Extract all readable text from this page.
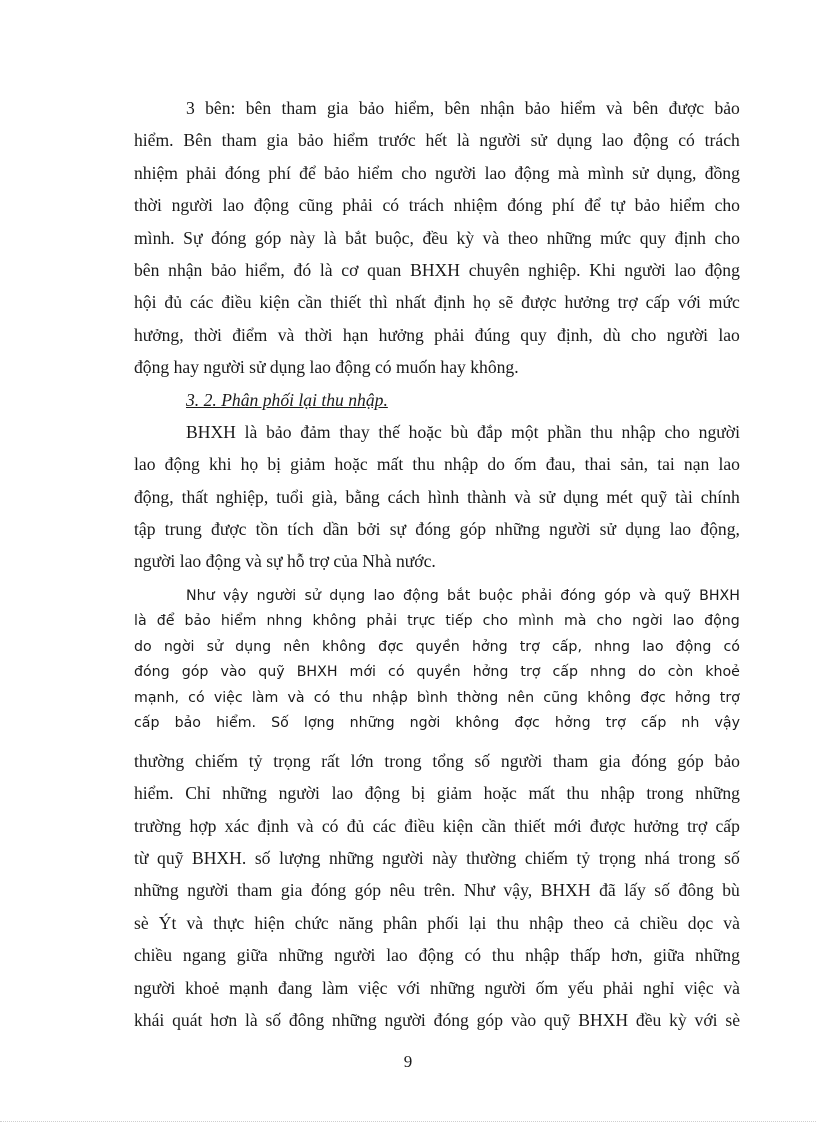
3 bên: bên tham gia bảo hiểm, bên nhận bảo hiểm và bên được bảo
hiểm. Bên tham gia bảo hiểm trước hết là người sử dụng lao động có trách
nhiệm phải đóng phí để bảo hiểm cho người lao động mà mình sử dụng, đồng
thời người lao động cũng phải có trách nhiệm đóng phí để tự bảo hiểm cho
mình. Sự đóng góp này là bắt buộc, đều kỳ và theo những mức quy định cho
bên nhận bảo hiểm, đó là cơ quan BHXH chuyên nghiệp. Khi người lao động
hội đủ các điều kiện cần thiết thì nhất định họ sẽ được hưởng trợ cấp với mức
hưởng, thời điểm và thời hạn hưởng phải đúng quy định, dù cho người lao
động hay người sử dụng lao động có muốn hay không.
3. 2. Phân phối lại thu nhập.
BHXH là bảo đảm thay thế hoặc bù đắp một phần thu nhập cho người
lao động khi họ bị giảm hoặc mất thu nhập do ốm đau, thai sản, tai nạn lao
động, thất nghiệp, tuổi già, bằng cách hình thành và sử dụng mét quỹ tài chính
tập trung được tồn tích dần bởi sự đóng góp những người sử dụng lao động,
người lao động và sự hỗ trợ của Nhà nước.
Như vậy người sử dụng lao động bắt buộc phải đóng góp và quỹ BHXH
là để bảo hiểm nhng không phải trực tiếp cho mình mà cho ngời lao động
do ngời sử dụng nên không đợc quyền hởng trợ cấp, nhng lao động có
đóng góp vào quỹ BHXH mới có quyền hởng trợ cấp nhng do còn khoẻ
mạnh, có việc làm và có thu nhập bình thờng nên cũng không đợc hởng trợ
cấp bảo hiểm. Số lợng những ngời không đợc hởng trợ cấp nh vậy
thường chiếm tỷ trọng rất lớn trong tổng số người tham gia đóng góp bảo
hiểm. Chỉ những người lao động bị giảm hoặc mất thu nhập trong những
trường hợp xác định và có đủ các điều kiện cần thiết mới được hưởng trợ cấp
từ quỹ BHXH. số lượng những người này thường chiếm tỷ trọng nhá trong số
những người tham gia đóng góp nêu trên. Như vậy, BHXH đã lấy số đông bù
sè Ýt và thực hiện chức năng phân phối lại thu nhập theo cả chiều dọc và
chiều ngang giữa những người lao động có thu nhập thấp hơn, giữa những
người khoẻ mạnh đang làm việc với những người ốm yếu phải nghỉ việc và
khái quát hơn là số đông những người đóng góp vào quỹ BHXH đều kỳ với sè
9
